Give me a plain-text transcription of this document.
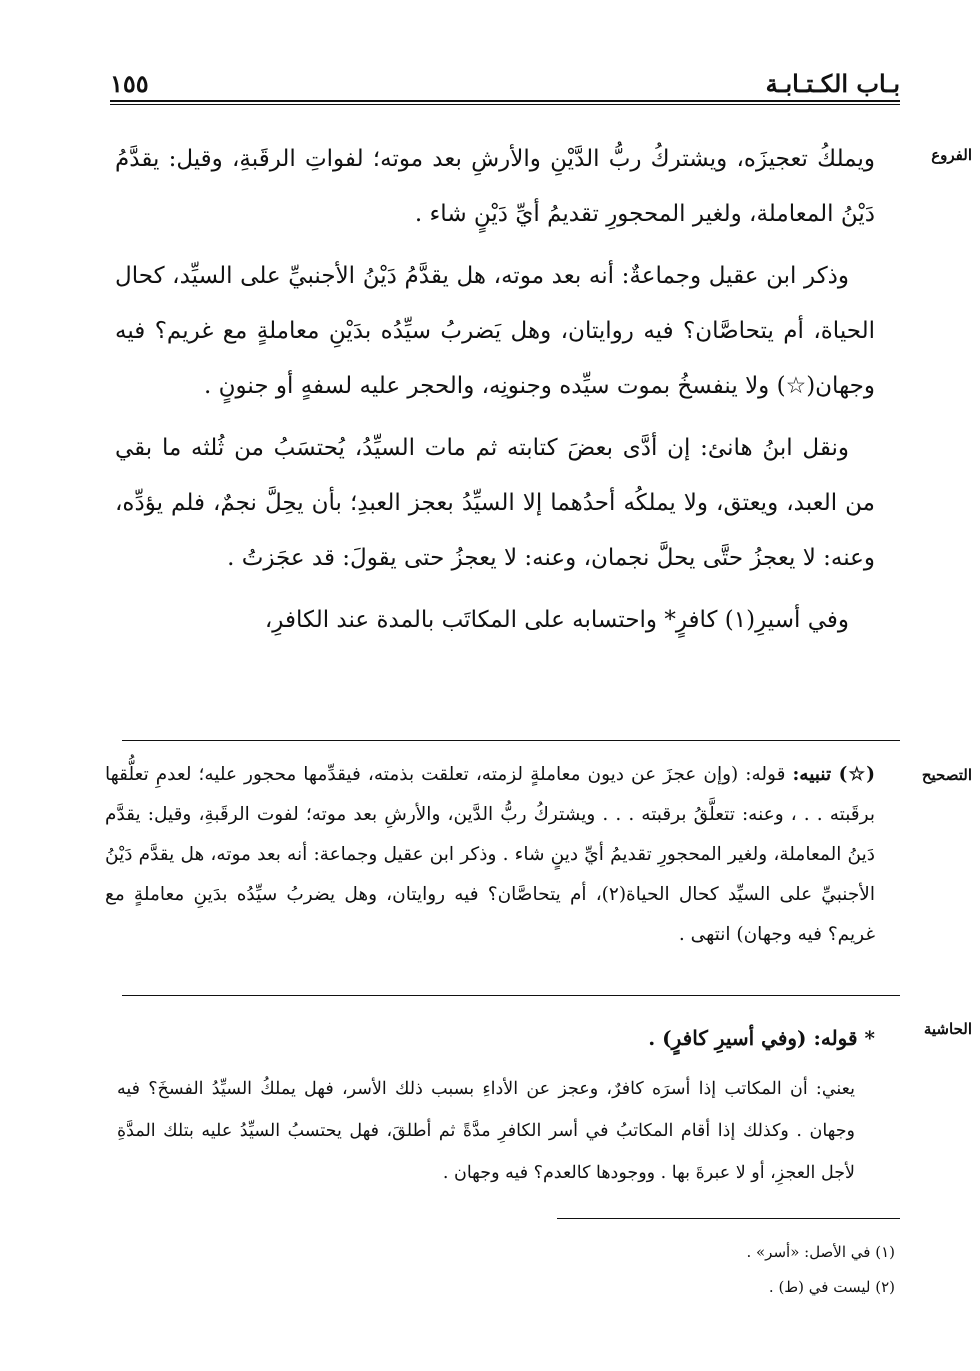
بـاب الكـتـابـة
١٥٥
الفروع
التصحيح
الحاشية

ويملكُ تعجيزَه، ويشتركُ ربُّ الدَّيْنِ والأرشِ بعد موته؛ لفواتِ الرقَبةِ، وقيل: يقدَّمُ دَيْنُ المعاملة، ولغير المحجورِ تقديمُ أيِّ دَيْنٍ شاء .

وذكر ابن عقيل وجماعةٌ: أنه بعد موته، هل يقدَّمُ دَيْنُ الأجنبيِّ على السيِّد، كحال الحياة، أم يتحاصَّان؟ فيه روايتان، وهل يَضربُ سيِّدُه بدَيْنِ معاملةٍ مع غريم؟ فيه وجهان(☆) ولا ينفسخُ بموت سيِّده وجنونِه، والحجر عليه لسفهٍ أو جنونٍ .

ونقل ابنُ هانئ: إن أدَّى بعضَ كتابته ثم مات السيِّدُ، يُحتسَبُ من ثُلثه ما بقي من العبد، ويعتق، ولا يملكُه أحدُهما إلا السيِّدُ بعجز العبدِ؛ بأن يحِلَّ نجمٌ، فلم يؤدِّه، وعنه: لا يعجزُ حتَّى يحلَّ نجمان، وعنه: لا يعجزُ حتى يقولَ: قد عجَزتُ .

وفي أسيرِ(١) كافرٍ* واحتسابه على المكاتَب بالمدة عند الكافرِ،

(☆) تنبيه: قوله: (وإن عجزَ عن ديون معاملةٍ لزمته، تعلقت بذمته، فيقدِّمها محجور عليه؛ لعدمِ تعلُّقها برقَبته . . ، وعنه: تتعلَّقُ برقبته . . . ويشتركُ ربُّ الدَّين، والأرشِ بعد موته؛ لفوت الرقَبةِ، وقيل: يقدَّم دَينُ المعاملة، ولغير المحجورِ تقديمُ أيِّ دينٍ شاء . وذكر ابن عقيل وجماعة: أنه بعد موته، هل يقدَّم دَيْنُ الأجنبيِّ على السيِّد كحال الحياة(٢)، أم يتحاصَّان؟ فيه روايتان، وهل يضربُ سيِّدُه بدَينِ معاملةٍ مع غريم؟ فيه وجهان) انتهى .

* قوله: (وفي أسيرِ كافرٍ) .

يعني: أن المكاتب إذا أسرَه كافرٌ، وعجز عن الأداءِ بسبب ذلك الأسر، فهل يملكُ السيِّدُ الفسخَ؟ فيه وجهان . وكذلك إذا أقام المكاتبُ في أسر الكافرِ مدَّةً ثم أطلقَ، فهل يحتسبُ السيِّدُ عليه بتلك المدَّةِ لأجل العجزِ، أو لا عبرةَ بها . ووجودها كالعدم؟ فيه وجهان .

(١) في الأصل: «أسر» .
(٢) ليست في (ط) .
